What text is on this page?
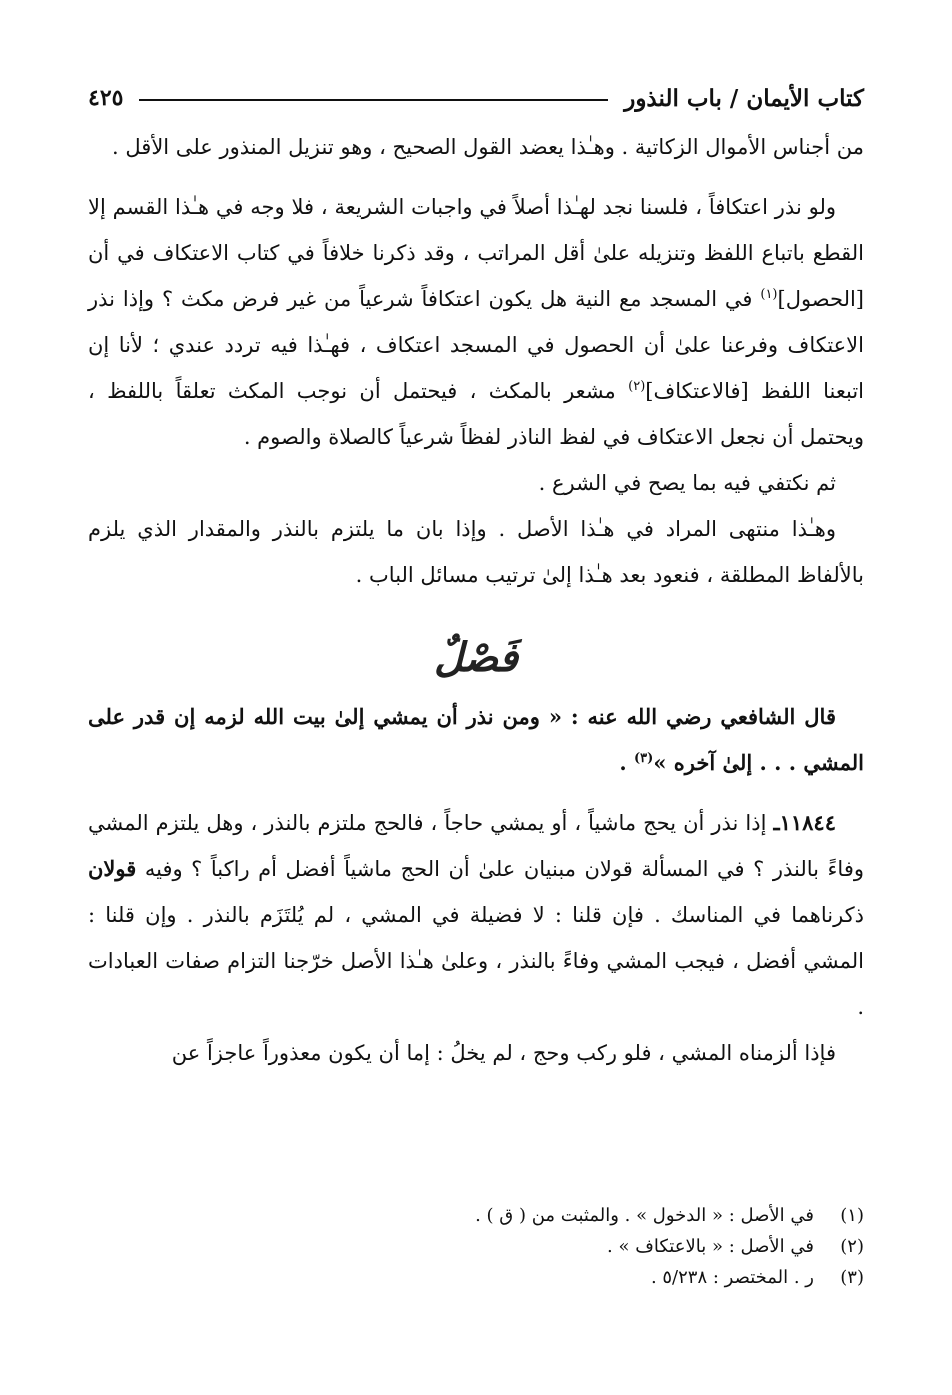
كتاب الأيمان / باب النذور
٤٢٥

من أجناس الأموال الزكاتية . وهـٰذا يعضد القول الصحيح ، وهو تنزيل المنذور على الأقل .

ولو نذر اعتكافاً ، فلسنا نجد لهـٰذا أصلاً في واجبات الشريعة ، فلا وجه في هـٰذا القسم إلا القطع باتباع اللفظ وتنزيله علىٰ أقل المراتب ، وقد ذكرنا خلافاً في كتاب الاعتكاف في أن [الحصول]$^{(١)}$ في المسجد مع النية هل يكون اعتكافاً شرعياً من غير فرض مكث ؟ وإذا نذر الاعتكاف وفرعنا علىٰ أن الحصول في المسجد اعتكاف ، فهـٰذا فيه تردد عندي ؛ لأنا إن اتبعنا اللفظ [فالاعتكاف]$^{(٢)}$ مشعر بالمكث ، فيحتمل أن نوجب المكث تعلقاً باللفظ ، ويحتمل أن نجعل الاعتكاف في لفظ الناذر لفظاً شرعياً كالصلاة والصوم .

ثم نكتفي فيه بما يصح في الشرع .

وهـٰذا منتهى المراد في هـٰذا الأصل . وإذا بان ما يلتزم بالنذر والمقدار الذي يلزم بالألفاظ المطلقة ، فنعود بعد هـٰذا إلىٰ ترتيب مسائل الباب .

فَصْلٌ

قال الشافعي رضي الله عنه : « ومن نذر أن يمشي إلىٰ بيت الله لزمه إن قدر على المشي . . . إلىٰ آخره »$^{(٣)}$ .

١١٨٤٤ـ إذا نذر أن يحج ماشياً ، أو يمشي حاجاً ، فالحج ملتزم بالنذر ، وهل يلتزم المشي وفاءً بالنذر ؟ في المسألة قولان مبنيان علىٰ أن الحج ماشياً أفضل أم راكباً ؟ وفيه قولان ذكرناهما في المناسك . فإن قلنا : لا فضيلة في المشي ، لم يُلتَزَم بالنذر . وإن قلنا : المشي أفضل ، فيجب المشي وفاءً بالنذر ، وعلىٰ هـٰذا الأصل خرّجنا التزام صفات العبادات .

فإذا ألزمناه المشي ، فلو ركب وحج ، لم يخلُ : إما أن يكون معذوراً عاجزاً عن

(١)
في الأصل : « الدخول » . والمثبت من ( ق ) .
(٢)
في الأصل : « بالاعتكاف » .
(٣)
ر . المختصر : ٥/٢٣٨ .
